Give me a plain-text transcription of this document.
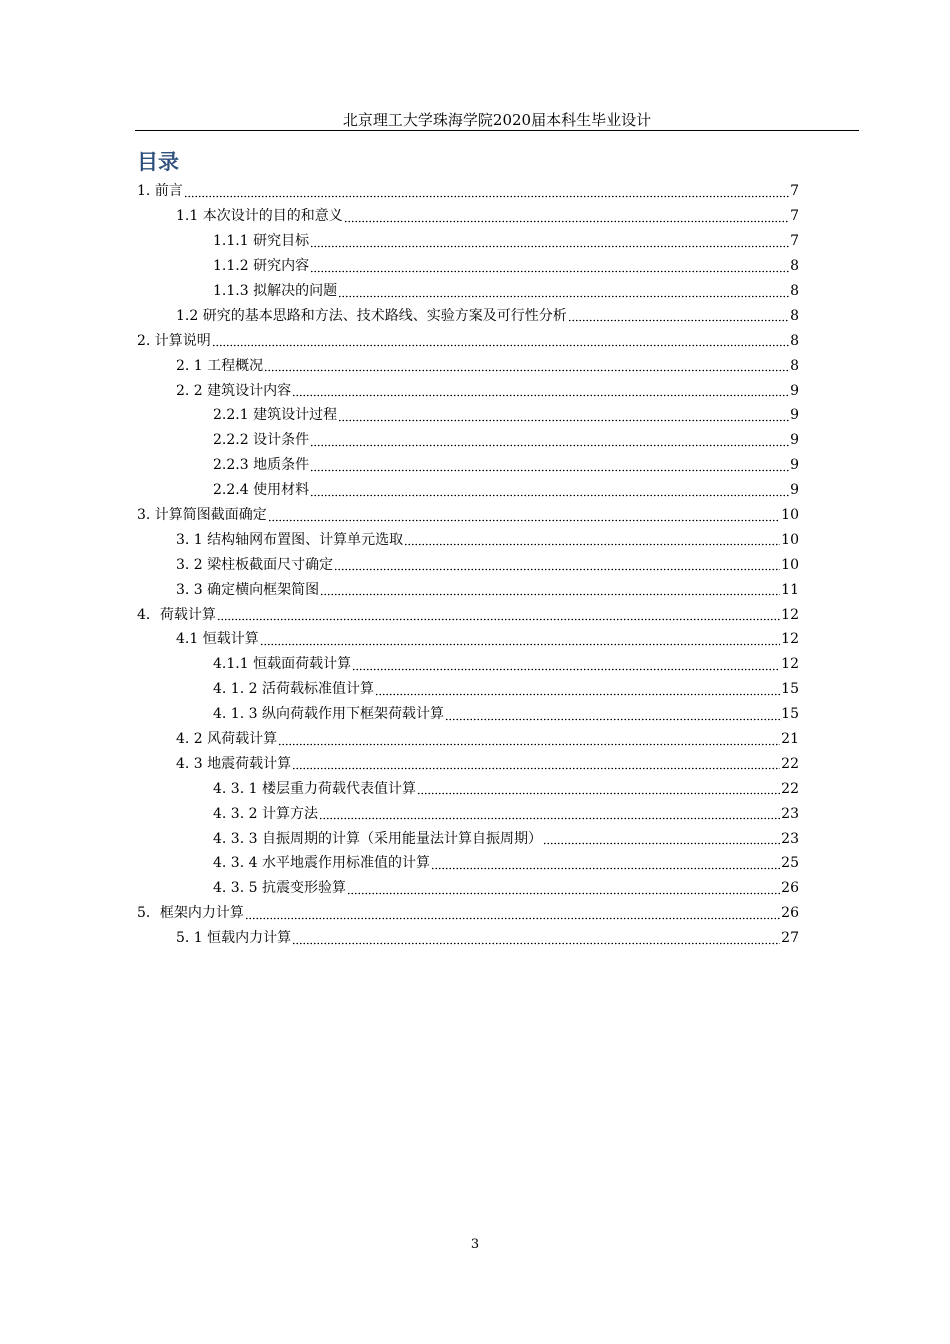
北京理工大学珠海学院2020届本科生毕业设计
目录
1. 前言	7
1.1 本次设计的目的和意义	7
1.1.1 研究目标	7
1.1.2 研究内容	8
1.1.3 拟解决的问题	8
1.2 研究的基本思路和方法、技术路线、实验方案及可行性分析	8
2. 计算说明	8
2. 1 工程概况	8
2. 2 建筑设计内容	9
2.2.1 建筑设计过程	9
2.2.2 设计条件	9
2.2.3 地质条件	9
2.2.4 使用材料	9
3. 计算简图截面确定	10
3. 1 结构轴网布置图、计算单元选取	10
3. 2 梁柱板截面尺寸确定	10
3. 3 确定横向框架简图	11
4．荷载计算	12
4.1 恒载计算	12
4.1.1 恒载面荷载计算	12
4. 1. 2 活荷载标准值计算	15
4. 1. 3 纵向荷载作用下框架荷载计算	15
4. 2 风荷载计算	21
4. 3 地震荷载计算	22
4. 3. 1 楼层重力荷载代表值计算	22
4. 3. 2 计算方法	23
4. 3. 3 自振周期的计算（采用能量法计算自振周期）	23
4. 3. 4 水平地震作用标准值的计算	25
4. 3. 5 抗震变形验算	26
5．框架内力计算	26
5. 1 恒载内力计算	27
3
